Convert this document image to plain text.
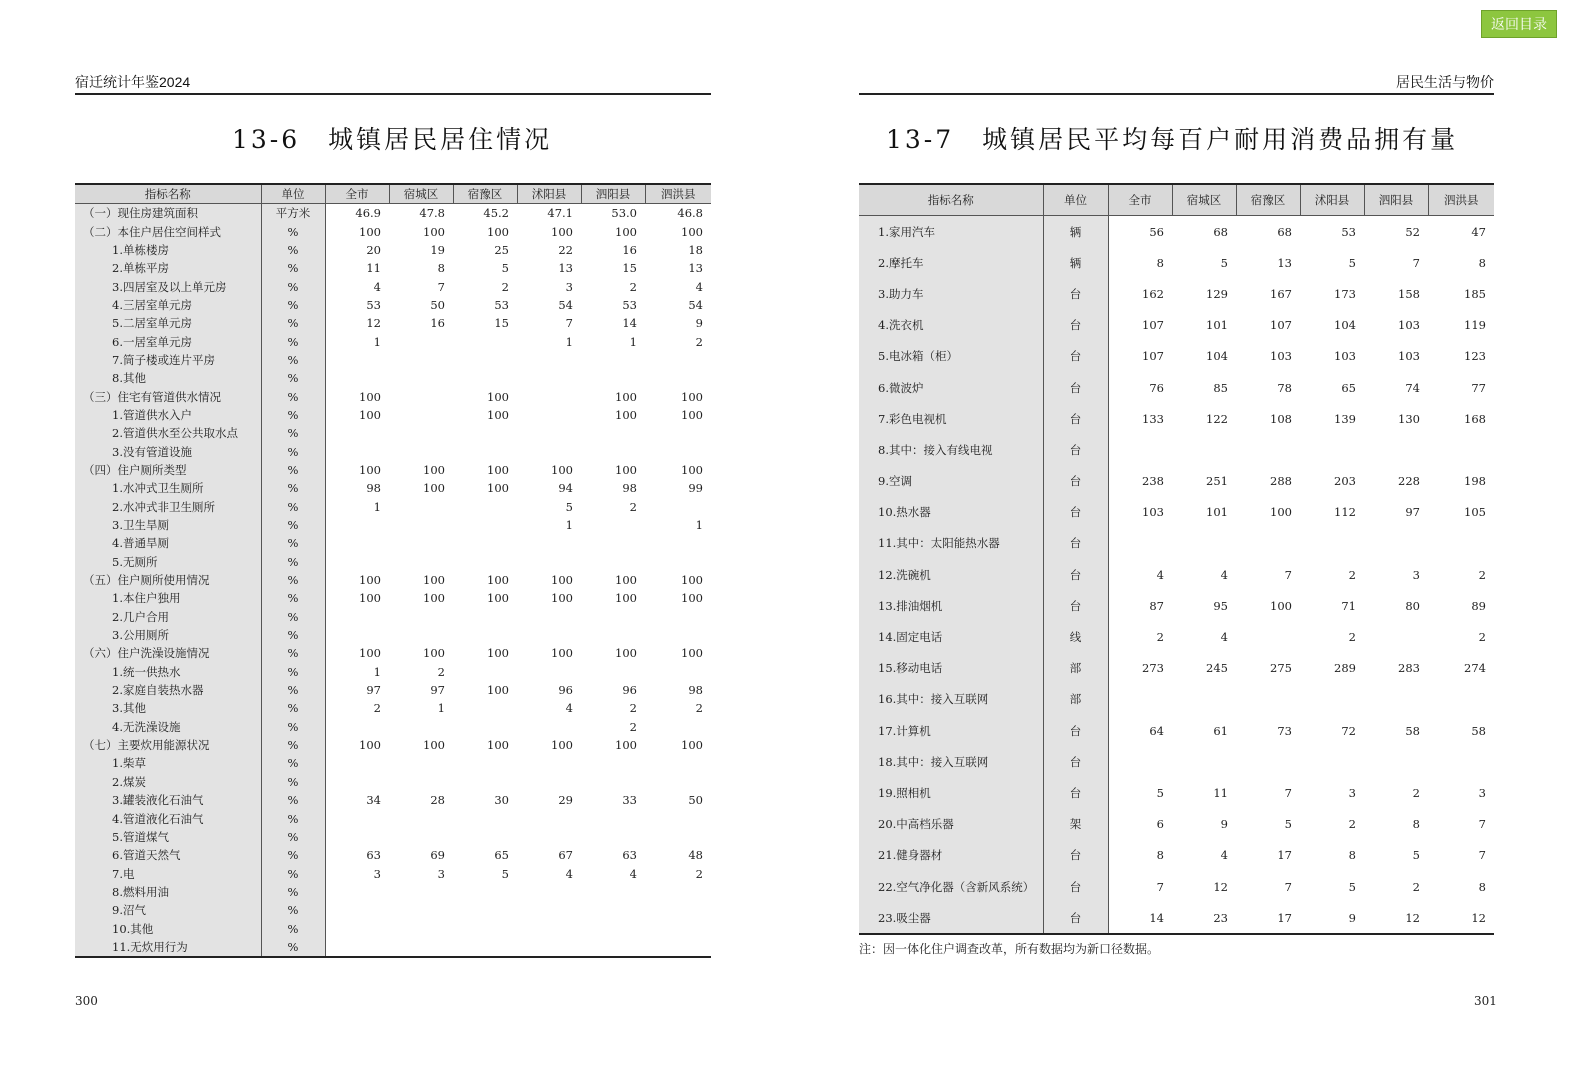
宿迁统计年鉴2024
13-6　城镇居民居住情况
指标名称	单位	全市	宿城区	宿豫区	沭阳县	泗阳县	泗洪县
（一）现住房建筑面积	平方米	46.9	47.8	45.2	47.1	53.0	46.8
（二）本住户居住空间样式	%	100	100	100	100	100	100
1.单栋楼房	%	20	19	25	22	16	18
2.单栋平房	%	11	8	5	13	15	13
3.四居室及以上单元房	%	4	7	2	3	2	4
4.三居室单元房	%	53	50	53	54	53	54
5.二居室单元房	%	12	16	15	7	14	9
6.一居室单元房	%	1			1	1	2
7.筒子楼或连片平房	%						
8.其他	%						
（三）住宅有管道供水情况	%	100		100		100	100
1.管道供水入户	%	100		100		100	100
2.管道供水至公共取水点	%						
3.没有管道设施	%						
（四）住户厕所类型	%	100	100	100	100	100	100
1.水冲式卫生厕所	%	98	100	100	94	98	99
2.水冲式非卫生厕所	%	1			5	2	
3.卫生旱厕	%				1		1
4.普通旱厕	%						
5.无厕所	%						
（五）住户厕所使用情况	%	100	100	100	100	100	100
1.本住户独用	%	100	100	100	100	100	100
2.几户合用	%						
3.公用厕所	%						
（六）住户洗澡设施情况	%	100	100	100	100	100	100
1.统一供热水	%	1	2				
2.家庭自装热水器	%	97	97	100	96	96	98
3.其他	%	2	1		4	2	2
4.无洗澡设施	%					2	
（七）主要炊用能源状况	%	100	100	100	100	100	100
1.柴草	%						
2.煤炭	%						
3.罐装液化石油气	%	34	28	30	29	33	50
4.管道液化石油气	%						
5.管道煤气	%						
6.管道天然气	%	63	69	65	67	63	48
7.电	%	3	3	5	4	4	2
8.燃料用油	%						
9.沼气	%						
10.其他	%						
11.无炊用行为	%						
300
返回目录
居民生活与物价
13-7　城镇居民平均每百户耐用消费品拥有量
指标名称	单位	全市	宿城区	宿豫区	沭阳县	泗阳县	泗洪县
1.家用汽车	辆	56	68	68	53	52	47
2.摩托车	辆	8	5	13	5	7	8
3.助力车	台	162	129	167	173	158	185
4.洗衣机	台	107	101	107	104	103	119
5.电冰箱（柜）	台	107	104	103	103	103	123
6.微波炉	台	76	85	78	65	74	77
7.彩色电视机	台	133	122	108	139	130	168
8.其中：接入有线电视	台						
9.空调	台	238	251	288	203	228	198
10.热水器	台	103	101	100	112	97	105
11.其中：太阳能热水器	台						
12.洗碗机	台	4	4	7	2	3	2
13.排油烟机	台	87	95	100	71	80	89
14.固定电话	线	2	4		2		2
15.移动电话	部	273	245	275	289	283	274
16.其中：接入互联网	部						
17.计算机	台	64	61	73	72	58	58
18.其中：接入互联网	台						
19.照相机	台	5	11	7	3	2	3
20.中高档乐器	架	6	9	5	2	8	7
21.健身器材	台	8	4	17	8	5	7
22.空气净化器（含新风系统）	台	7	12	7	5	2	8
23.吸尘器	台	14	23	17	9	12	12
注：因一体化住户调查改革，所有数据均为新口径数据。
301
